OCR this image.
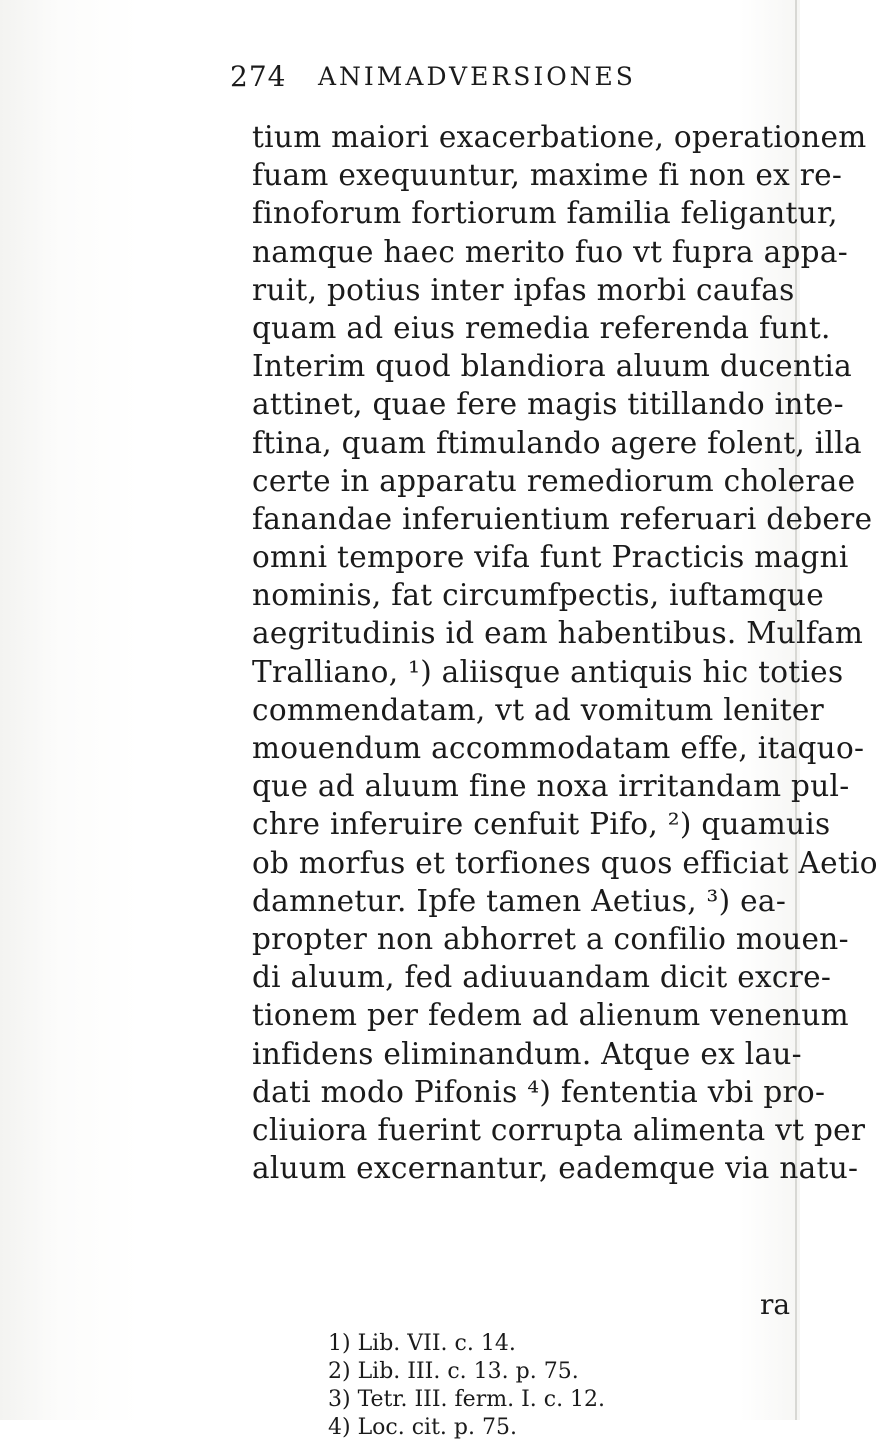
274 ANIMADVERSIONES
tium maiori exacerbatione, operationem
fuam exequuntur, maxime fi non ex re-
finoforum fortiorum familia feligantur,
namque haec merito fuo vt fupra appa-
ruit, potius inter ipfas morbi caufas
quam ad eius remedia referenda funt.
Interim quod blandiora aluum ducentia
attinet, quae fere magis titillando inte-
ftina, quam ftimulando agere folent, illa
certe in apparatu remediorum cholerae
fanandae inferuientium referuari debere
omni tempore vifa funt Practicis magni
nominis, fat circumfpectis, iuftamque
aegritudinis id eam habentibus. Mulfam
Tralliano, ¹) aliisque antiquis hic toties
commendatam, vt ad vomitum leniter
mouendum accommodatam effe, itaquo-
que ad aluum fine noxa irritandam pul-
chre inferuire cenfuit Pifo, ²) quamuis
ob morfus et torfiones quos efficiat Aetio
damnetur. Ipfe tamen Aetius, ³) ea-
propter non abhorret a confilio mouen-
di aluum, fed adiuuandam dicit excre-
tionem per fedem ad alienum venenum
infidens eliminandum. Atque ex lau-
dati modo Pifonis ⁴) fententia vbi pro-
cliuiora fuerint corrupta alimenta vt per
aluum excernantur, eademque via natu-
ra
1) Lib. VII. c. 14.
2) Lib. III. c. 13. p. 75.
3) Tetr. III. ferm. I. c. 12.
4) Loc. cit. p. 75.
